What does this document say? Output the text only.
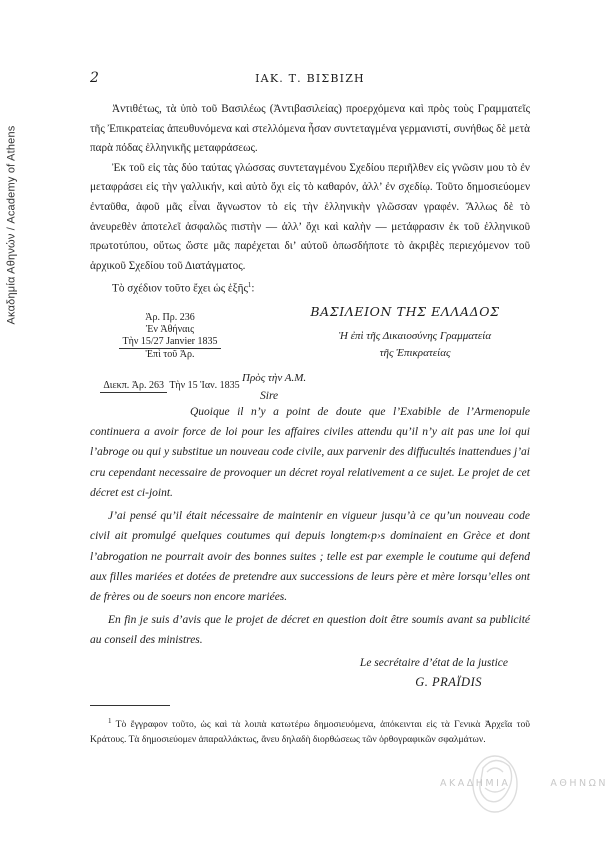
Ακαδημία Αθηνών / Academy of Athens
2	ΙΑΚ. Τ. ΒΙΣΒΙΖΗ

Ἀντιθέτως, τὰ ὑπὸ τοῦ Βασιλέως (Ἀντιβασιλείας) προερχόμενα καὶ πρὸς τοὺς Γραμματεῖς τῆς Ἐπικρατείας ἀπευθυνόμενα καὶ στελλόμενα ἦσαν συντεταγμένα γερμανιστί, συνήθως δὲ μετὰ παρὰ πόδας ἑλληνικῆς μεταφράσεως.

Ἐκ τοῦ εἰς τὰς δύο ταύτας γλώσσας συντεταγμένου Σχεδίου περιῆλθεν εἰς γνῶσιν μου τὸ ἐν μεταφράσει εἰς τὴν γαλλικήν, καὶ αὐτὸ ὄχι εἰς τὸ καθαρόν, ἀλλ’ ἐν σχεδίῳ. Τοῦτο δημοσιεύομεν ἐνταῦθα, ἀφοῦ μᾶς εἶναι ἄγνωστον τὸ εἰς τὴν ἑλληνικὴν γλῶσσαν γραφέν. Ἄλλως δὲ τὸ ἀνευρεθὲν ἀποτελεῖ ἀσφαλῶς πιστὴν — ἀλλ’ ὄχι καὶ καλὴν — μετάφρασιν ἐκ τοῦ ἑλληνικοῦ πρωτοτύπου, οὕτως ὥστε μᾶς παρέχεται δι’ αὐτοῦ ὁπωσδήποτε τὸ ἀκριβὲς περιεχόμενον τοῦ ἀρχικοῦ Σχεδίου τοῦ Διατάγματος.

Τὸ σχέδιον τοῦτο ἔχει ὡς ἑξῆς$^1$:

Ἀρ. Πρ. 236
Ἐν Ἀθήναις
Τὴν 15/27 Janvier 1835
Ἐπὶ τοῦ Ἀρ.
ΒΑΣΙΛΕΙΟΝ ΤΗΣ ΕΛΛΑΔΟΣ
Ἡ ἐπὶ τῆς Δικαιοσύνης Γραμματεία
τῆς Ἐπικρατείας
Πρὸς τὴν Α.Μ.
Διεκπ. Ἀρ. 263 Τὴν 15 Ἰαν. 1835
Sire

Quoique il n’y a point de doute que l’Exabible de l’Armenopule continuera a avoir force de loi pour les affaires civiles attendu qu’il n’y ait pas une loi qui l’abroge ou qui y substitue un nouveau code civile, aux parvenir des diffucultés inattendues j’ai cru cependant necessaire de provoquer un décret royal relativement a ce sujet. Le projet de cet décret est ci-joint.

J’ai pensé qu’il était nécessaire de maintenir en vigueur jusqu’à ce qu’un nouveau code civil ait promulgé quelques coutumes qui depuis longtem‹p›s dominaient en Grèce et dont l’abrogation ne pourrait avoir des bonnes suites ; telle est par exemple le coutume qui defend aux filles mariées et dotées de pretendre aux successions de leurs père et mère lorsqu’elles ont de frères ou de soeurs non encore mariées.

En fin je suis d’avis que le projet de décret en question doit être soumis avant sa publicité au conseil des ministres.

Le secrétaire d’état de la justice

G. PRAÏDIS

$^1$ Τὸ ἔγγραφον τοῦτο, ὡς καὶ τὰ λοιπὰ κατωτέρω δημοσιευόμενα, ἀπόκεινται εἰς τὰ Γενικὰ Ἀρχεῖα τοῦ Κράτους. Τὰ δημοσιεύομεν ἀπαραλλάκτως, ἄνευ δηλαδὴ διορθώσεως τῶν ὀρθογραφικῶν σφαλμάτων.

ΑΚΑΔΗΜΙΑ	ΑΘΗΝΩΝ
